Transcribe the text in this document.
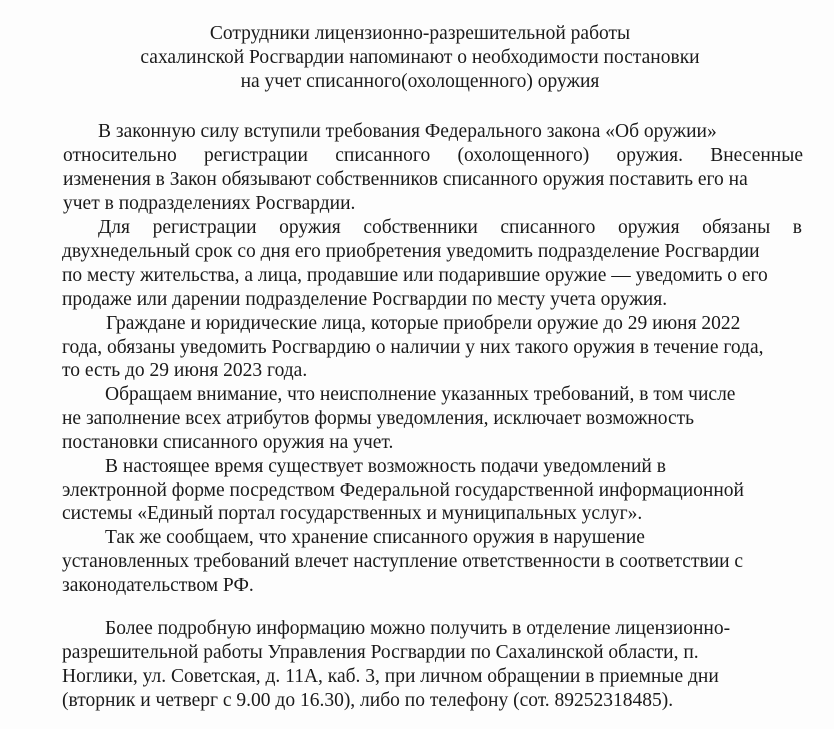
Сотрудники лицензионно-разрешительной работы

сахалинской Росгвардии напоминают о необходимости постановки

на учет списанного(охолощенного) оружия

В законную силу вступили требования Федерального закона «Об оружии»

относительно регистрации списанного (охолощенного) оружия. Внесенные

изменения в Закон обязывают собственников списанного оружия поставить его на

учет в подразделениях Росгвардии.

Для регистрации оружия собственники списанного оружия обязаны в

двухнедельный срок со дня его приобретения уведомить подразделение Росгвардии

по месту жительства, а лица, продавшие или подарившие оружие — уведомить о его

продаже или дарении подразделение Росгвардии по месту учета оружия.

Граждане и юридические лица, которые приобрели оружие до 29 июня 2022

года, обязаны уведомить Росгвардию о наличии у них такого оружия в течение года,

то есть до 29 июня 2023 года.

Обращаем внимание, что неисполнение указанных требований, в том числе

не заполнение всех атрибутов формы уведомления, исключает возможность

постановки списанного оружия на учет.

В настоящее время существует возможность подачи уведомлений в

электронной форме посредством Федеральной государственной информационной

системы «Единый портал государственных и муниципальных услуг».

Так же сообщаем, что хранение списанного оружия в нарушение

установленных требований влечет наступление ответственности в соответствии с

законодательством РФ.

Более подробную информацию можно получить в отделение лицензионно-

разрешительной работы Управления Росгвардии по Сахалинской области, п.

Ноглики, ул. Советская, д. 11А, каб. 3, при личном обращении в приемные дни

(вторник и четверг с 9.00 до 16.30), либо по телефону (сот. 89252318485).
